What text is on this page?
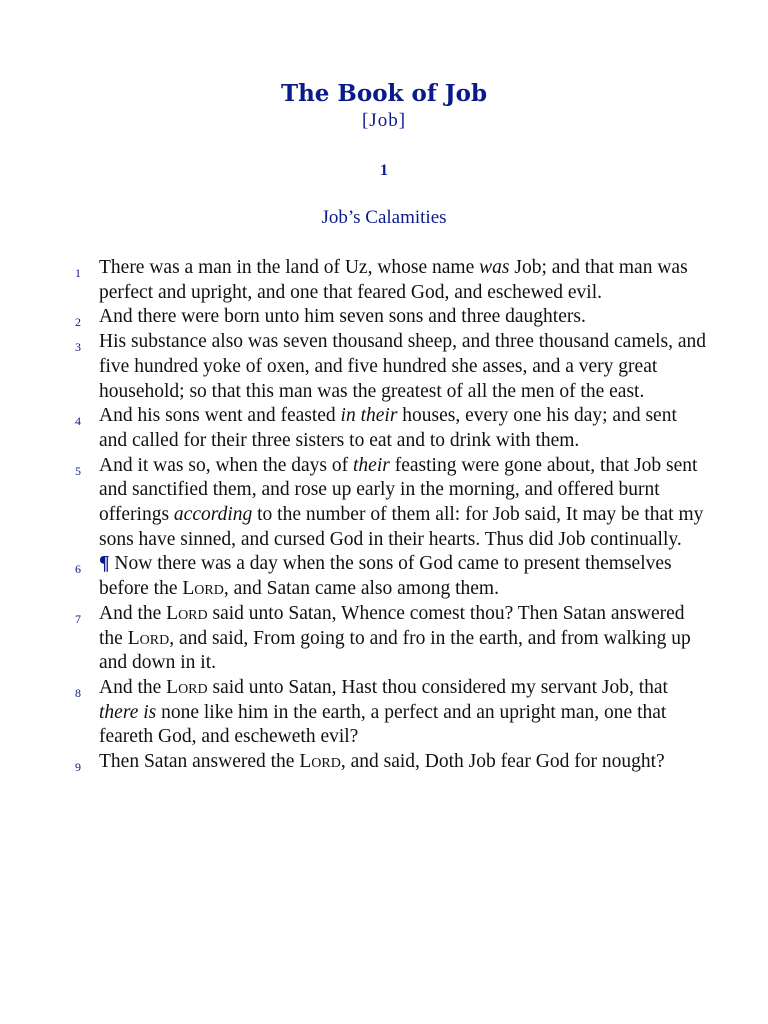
The Book of Job
[Job]
1
Job’s Calamities

1 There was a man in the land of Uz, whose name was Job; and that man was perfect and upright, and one that feared God, and eschewed evil.

2 And there were born unto him seven sons and three daughters.

3 His substance also was seven thousand sheep, and three thousand camels, and five hundred yoke of oxen, and five hundred she asses, and a very great household; so that this man was the greatest of all the men of the east.

4 And his sons went and feasted in their houses, every one his day; and sent and called for their three sisters to eat and to drink with them.

5 And it was so, when the days of their feasting were gone about, that Job sent and sanctified them, and rose up early in the morning, and offered burnt offerings according to the number of them all: for Job said, It may be that my sons have sinned, and cursed God in their hearts. Thus did Job continually.

6 ¶ Now there was a day when the sons of God came to present themselves before the Lord, and Satan came also among them.

7 And the Lord said unto Satan, Whence comest thou? Then Satan answered the Lord, and said, From going to and fro in the earth, and from walking up and down in it.

8 And the Lord said unto Satan, Hast thou considered my servant Job, that there is none like him in the earth, a perfect and an upright man, one that feareth God, and escheweth evil?

9 Then Satan answered the Lord, and said, Doth Job fear God for nought?
